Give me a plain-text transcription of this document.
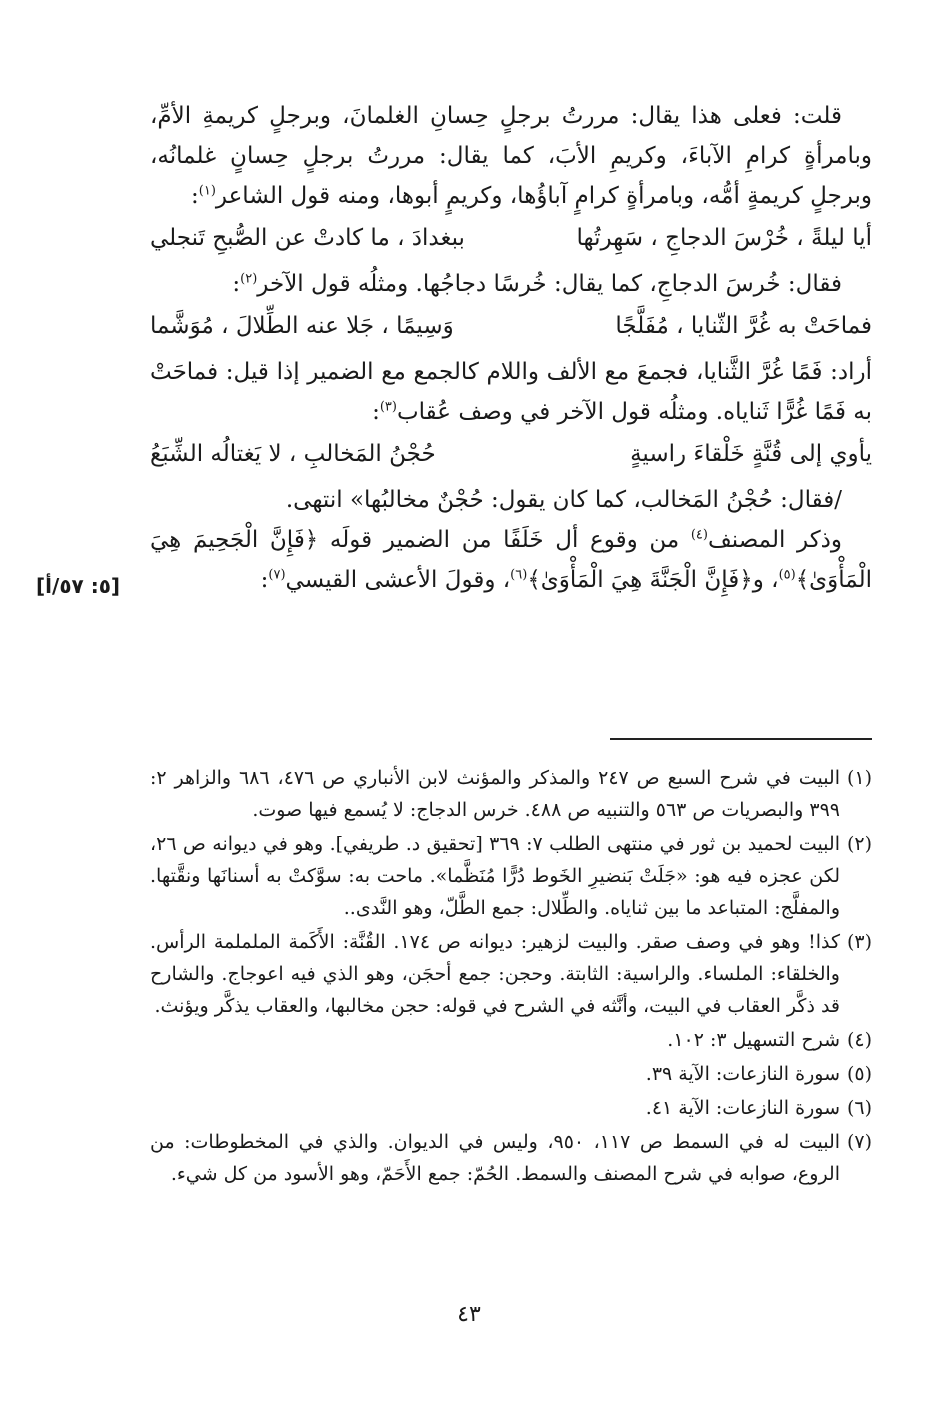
قلت: فعلى هذا يقال: مررتُ برجلٍ حِسانِ الغلمانَ، وبرجلٍ كريمةِ الأمِّ، وبامرأةٍ كرامِ الآباءَ، وكريمِ الأبَ، كما يقال: مررتُ برجلٍ حِسانٍ غلمانُه، وبرجلٍ كريمةٍ أمُّه، وبامرأةٍ كرامٍ آباؤُها، وكريمٍ أبوها، ومنه قول الشاعر$^{(١)}$:

أيا ليلةً ، خُرْسَ الدجاجِ ، سَهِرتُها
ببغدادَ ، ما كادتْ عن الصُّبحِ تَنجلي

فقال: خُرسَ الدجاجِ، كما يقال: خُرسًا دجاجُها. ومثلُه قول الآخر$^{(٢)}$:

فماحَتْ به غُرَّ الثّنايا ، مُفَلَّجًا
وَسِيمًا ، جَلا عنه الطِّلالَ ، مُوَشَّما

أراد: فَمًا غُرَّ الثَّنايا، فجمعَ مع الألف واللام كالجمع مع الضمير إذا قيل: فماحَتْ به فَمًا غُرًّا ثَناياه. ومثلُه قول الآخر في وصف عُقاب$^{(٣)}$:

يأوي إلى قُنَّةٍ خَلْقاءَ راسيةٍ
حُجْنُ المَخالبِ ، لا يَغتالُه الشِّبَعُ

/فقال: حُجْنُ المَخالب، كما كان يقول: حُجْنٌ مخالبُها» انتهى.

وذكر المصنف$^{(٤)}$ من وقوع أل خَلَفًا من الضمير قولَه ﴿فَإِنَّ الْجَحِيمَ هِيَ الْمَأْوَىٰ﴾$^{(٥)}$، و﴿فَإِنَّ الْجَنَّةَ هِيَ الْمَأْوَىٰ﴾$^{(٦)}$، وقولَ الأعشى القيسي$^{(٧)}$:

[٥: ٥٧/أ]
(١)
البيت في شرح السبع ص ٢٤٧ والمذكر والمؤنث لابن الأنباري ص ٤٧٦، ٦٨٦ والزاهر ٢: ٣٩٩ والبصريات ص ٥٦٣ والتنبيه ص ٤٨٨. خرس الدجاج: لا يُسمع فيها صوت.
(٢)
البيت لحميد بن ثور في منتهى الطلب ٧: ٣٦٩ [تحقيق د. طريفي]. وهو في ديوانه ص ٢٦، لكن عجزه فيه هو: «جَلَتْ بَنضيرِ الخَوط دُرًّا مُنَظَّما». ماحت به: سوَّكتْ به أسنانَها ونقَّتها. والمفلَّج: المتباعد ما بين ثناياه. والطِّلال: جمع الطَّلّ، وهو النَّدى..
(٣)
كذا! وهو في وصف صقر. والبيت لزهير: ديوانه ص ١٧٤. القُنَّة: الأَكَمة الململمة الرأس. والخلقاء: الملساء. والراسية: الثابتة. وحجن: جمع أحجَن، وهو الذي فيه اعوجاج. والشارح قد ذكَّر العقاب في البيت، وأنَّثه في الشرح في قوله: حجن مخالبها، والعقاب يذكَّر ويؤنث.
(٤)
شرح التسهيل ٣: ١٠٢.
(٥)
سورة النازعات: الآية ٣٩.
(٦)
سورة النازعات: الآية ٤١.
(٧)
البيت له في السمط ص ١١٧، ٩٥٠، وليس في الديوان. والذي في المخطوطات: من الروع، صوابه في شرح المصنف والسمط. الحُمّ: جمع الأَحَمّ، وهو الأسود من كل شيء.
٤٣
